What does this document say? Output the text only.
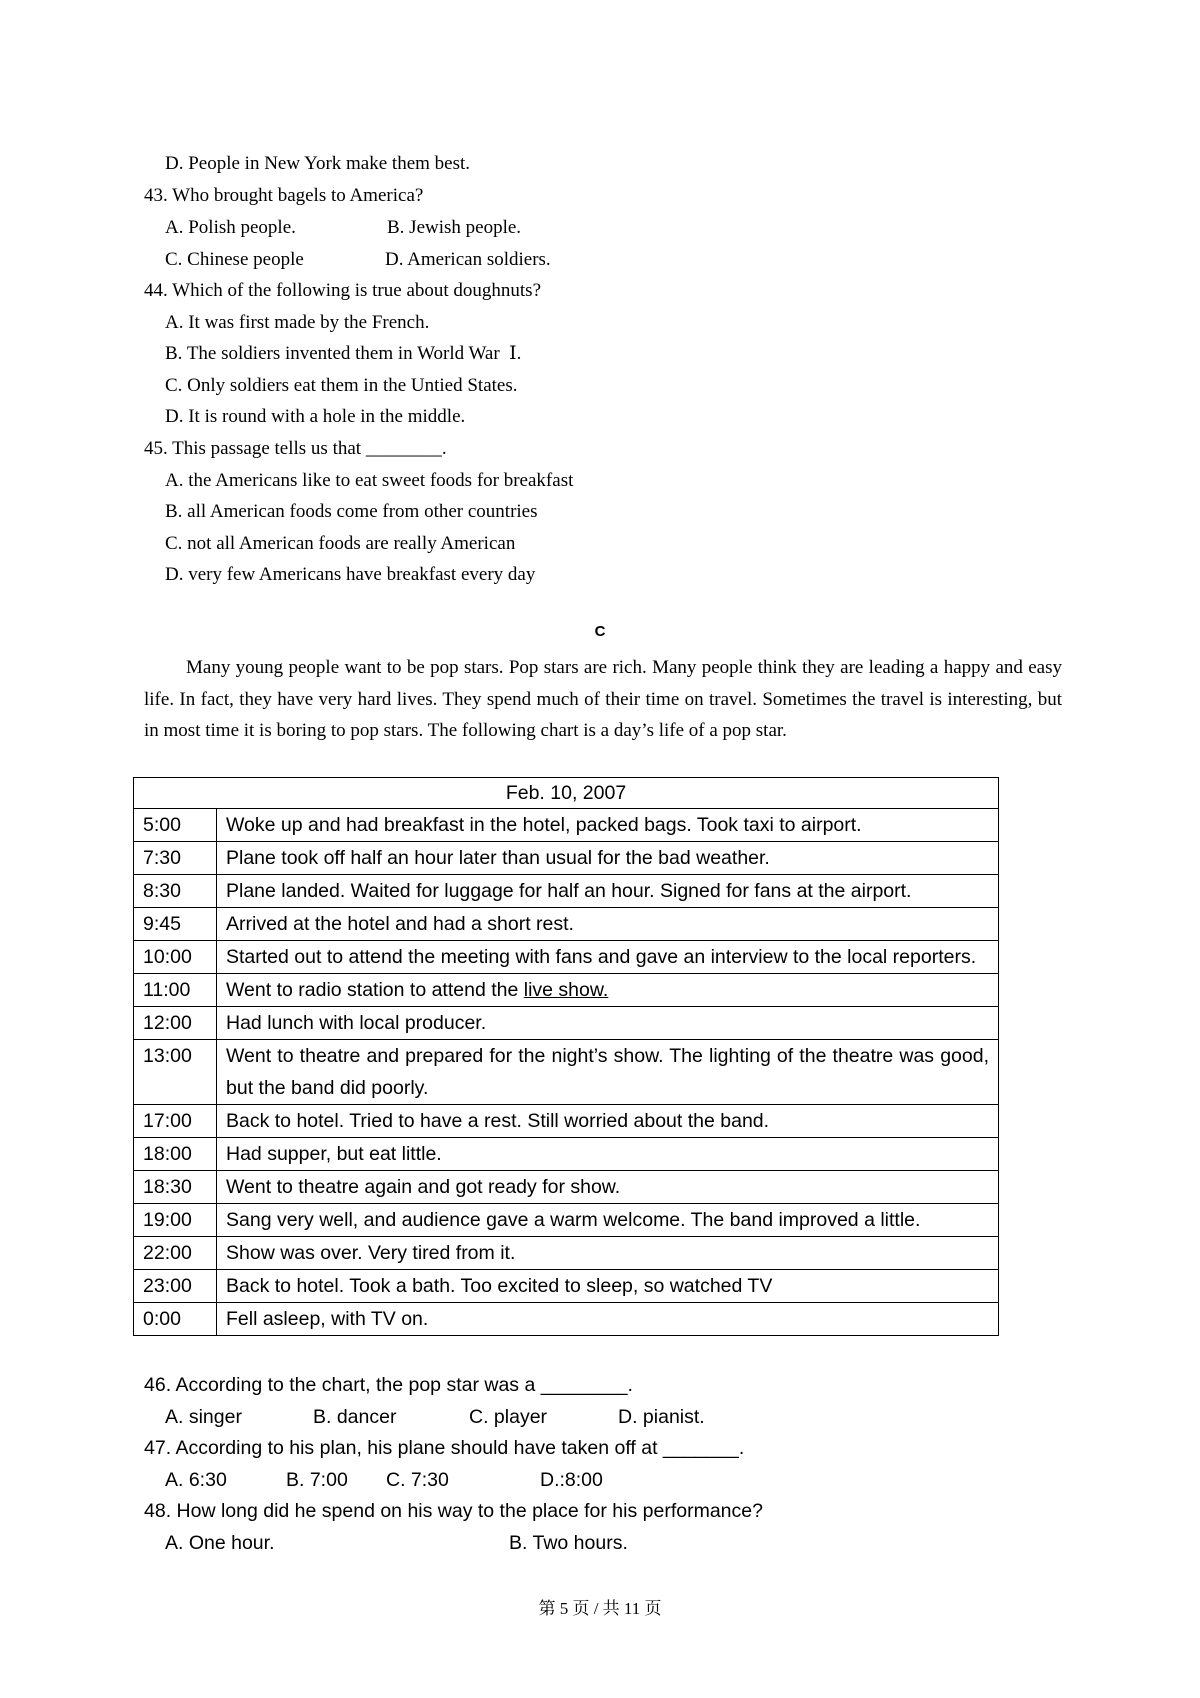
D. People in New York make them best.
43. Who brought bagels to America?

A. Polish people.

	B. Jewish people.

C. Chinese people

	D. American soldiers.

44. Which of the following is true about doughnuts?
A. It was first made by the French.
B. The soldiers invented them in World War  Ⅰ.
C. Only soldiers eat them in the Untied States.
D. It is round with a hole in the middle.
45. This passage tells us that ________.
A. the Americans like to eat sweet foods for breakfast
B. all American foods come from other countries
C. not all American foods are really American
D. very few Americans have breakfast every day
C
Many young people want to be pop stars. Pop stars are rich. Many people think they are leading a happy and easy life. In fact, they have very hard lives. They spend much of their time on travel. Sometimes the travel is interesting, but in most time it is boring to pop stars. The following chart is a day’s life of a pop star.
Feb. 10, 2007	
5:00	Woke up and had breakfast in the hotel, packed bags. Took taxi to airport.
7:30	Plane took off half an hour later than usual for the bad weather.
8:30	Plane landed. Waited for luggage for half an hour. Signed for fans at the airport.
9:45	Arrived at the hotel and had a short rest.
10:00	Started out to attend the meeting with fans and gave an interview to the local reporters.
11:00	Went to radio station to attend the live show.
12:00	Had lunch with local producer.
13:00	Went to theatre and prepared for the night’s show. The lighting of the theatre was good, but the band did poorly.
17:00	Back to hotel. Tried to have a rest. Still worried about the band.
18:00	Had supper, but eat little.
18:30	Went to theatre again and got ready for show.
19:00	Sang very well, and audience gave a warm welcome. The band improved a little.
22:00	Show was over. Very tired from it.
23:00	Back to hotel. Took a bath. Too excited to sleep, so watched TV
0:00	Fell asleep, with TV on.
46. According to the chart, the pop star was a ________.

A. singer

	B. dancer

	C. player

	D. pianist.

47. According to his plan, his plane should have taken off at _______.

A. 6:30

	B. 7:00

C. 7:30

	D.:8:00

48. How long did he spend on his way to the place for his performance?

A. One hour.

	B. Two hours.

第 5 页 / 共 11 页
